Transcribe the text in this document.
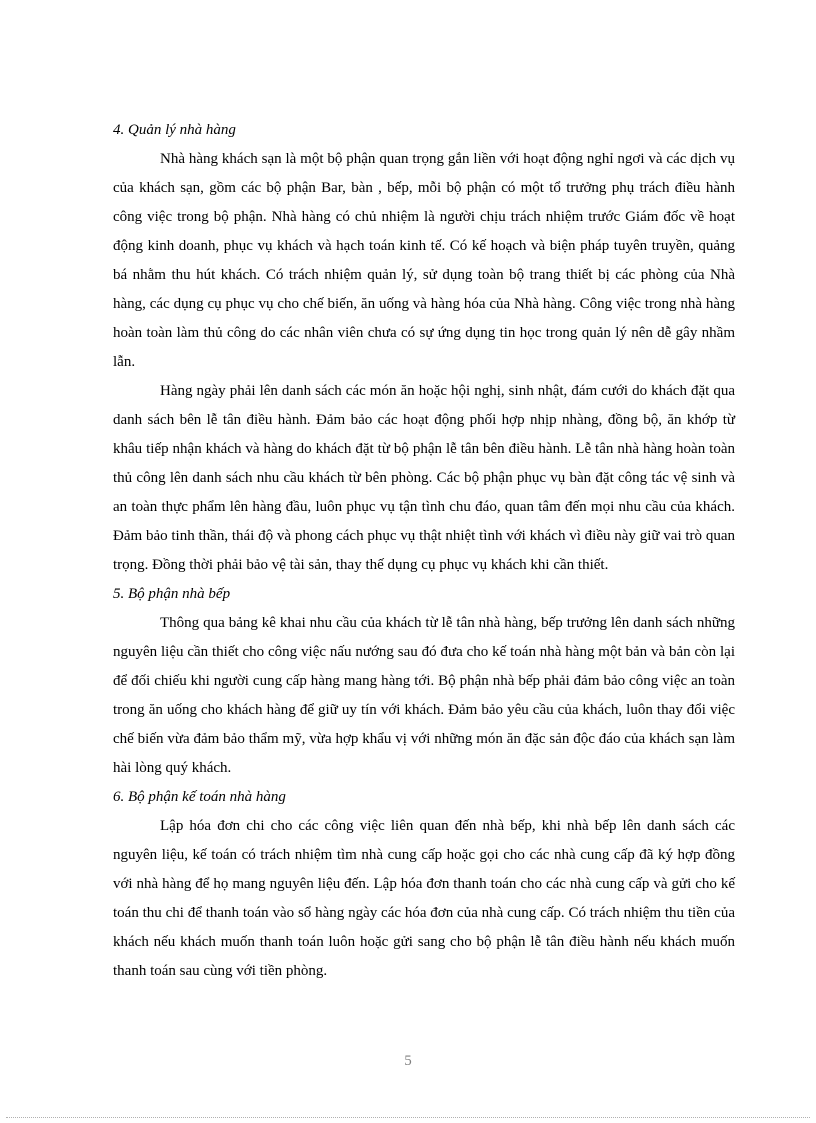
4. Quản lý nhà hàng

Nhà hàng khách sạn là một bộ phận quan trọng gắn liền với hoạt động nghỉ ngơi và các dịch vụ của khách sạn, gồm các bộ phận Bar, bàn , bếp, mỗi bộ phận có một tổ trưởng phụ trách điều hành công việc trong bộ phận. Nhà hàng có chủ nhiệm là người chịu trách nhiệm trước Giám đốc về hoạt động kinh doanh, phục vụ khách và hạch toán kinh tế. Có kế hoạch và biện pháp tuyên truyền, quảng bá nhằm thu hút khách. Có trách nhiệm quản lý, sử dụng toàn bộ trang thiết bị các phòng của Nhà hàng, các dụng cụ phục vụ cho chế biến, ăn uống và hàng hóa của Nhà hàng. Công việc trong nhà hàng hoàn toàn làm thủ công do các nhân viên chưa có sự ứng dụng tin học trong quản lý nên dễ gây nhầm lẫn.

Hàng ngày phải lên danh sách các món ăn hoặc hội nghị, sinh nhật, đám cưới do khách đặt qua danh sách bên lễ tân điều hành. Đảm bảo các hoạt động phối hợp nhịp nhàng, đồng bộ, ăn khớp từ khâu tiếp nhận khách và hàng do khách đặt từ bộ phận lễ tân bên điều hành. Lễ tân nhà hàng hoàn toàn thủ công lên danh sách nhu cầu khách từ bên phòng. Các bộ phận phục vụ bàn đặt công tác vệ sinh và an toàn thực phẩm lên hàng đầu, luôn phục vụ tận tình chu đáo, quan tâm đến mọi nhu cầu của khách. Đảm bảo tinh thần, thái độ và phong cách phục vụ thật nhiệt tình với khách vì điều này giữ vai trò quan trọng. Đồng thời phải bảo vệ tài sản, thay thế dụng cụ phục vụ khách khi cần thiết.

5. Bộ phận nhà bếp

Thông qua bảng kê khai nhu cầu của khách từ lễ tân nhà hàng, bếp trưởng lên danh sách những nguyên liệu cần thiết cho công việc nấu nướng sau đó đưa cho kế toán nhà hàng một bản và bản còn lại để đối chiếu khi người cung cấp hàng mang hàng tới. Bộ phận nhà bếp phải đảm bảo công việc an toàn trong ăn uống cho khách hàng để giữ uy tín với khách. Đảm bảo yêu cầu của khách, luôn thay đổi việc chế biến vừa đảm bảo thẩm mỹ, vừa hợp khẩu vị với những món ăn đặc sản độc đáo của khách sạn làm hài lòng quý khách.

6. Bộ phận kế toán nhà hàng

Lập hóa đơn chi cho các công việc liên quan đến nhà bếp, khi nhà bếp lên danh sách các nguyên liệu, kế toán có trách nhiệm tìm nhà cung cấp hoặc gọi cho các nhà cung cấp đã ký hợp đồng với nhà hàng để họ mang nguyên liệu đến. Lập hóa đơn thanh toán cho các nhà cung cấp và gửi cho kế toán thu chi để thanh toán vào sổ hàng ngày các hóa đơn của nhà cung cấp. Có trách nhiệm thu tiền của khách nếu khách muốn thanh toán luôn hoặc gửi sang cho bộ phận lễ tân điều hành nếu khách muốn thanh toán sau cùng với tiền phòng.

5
